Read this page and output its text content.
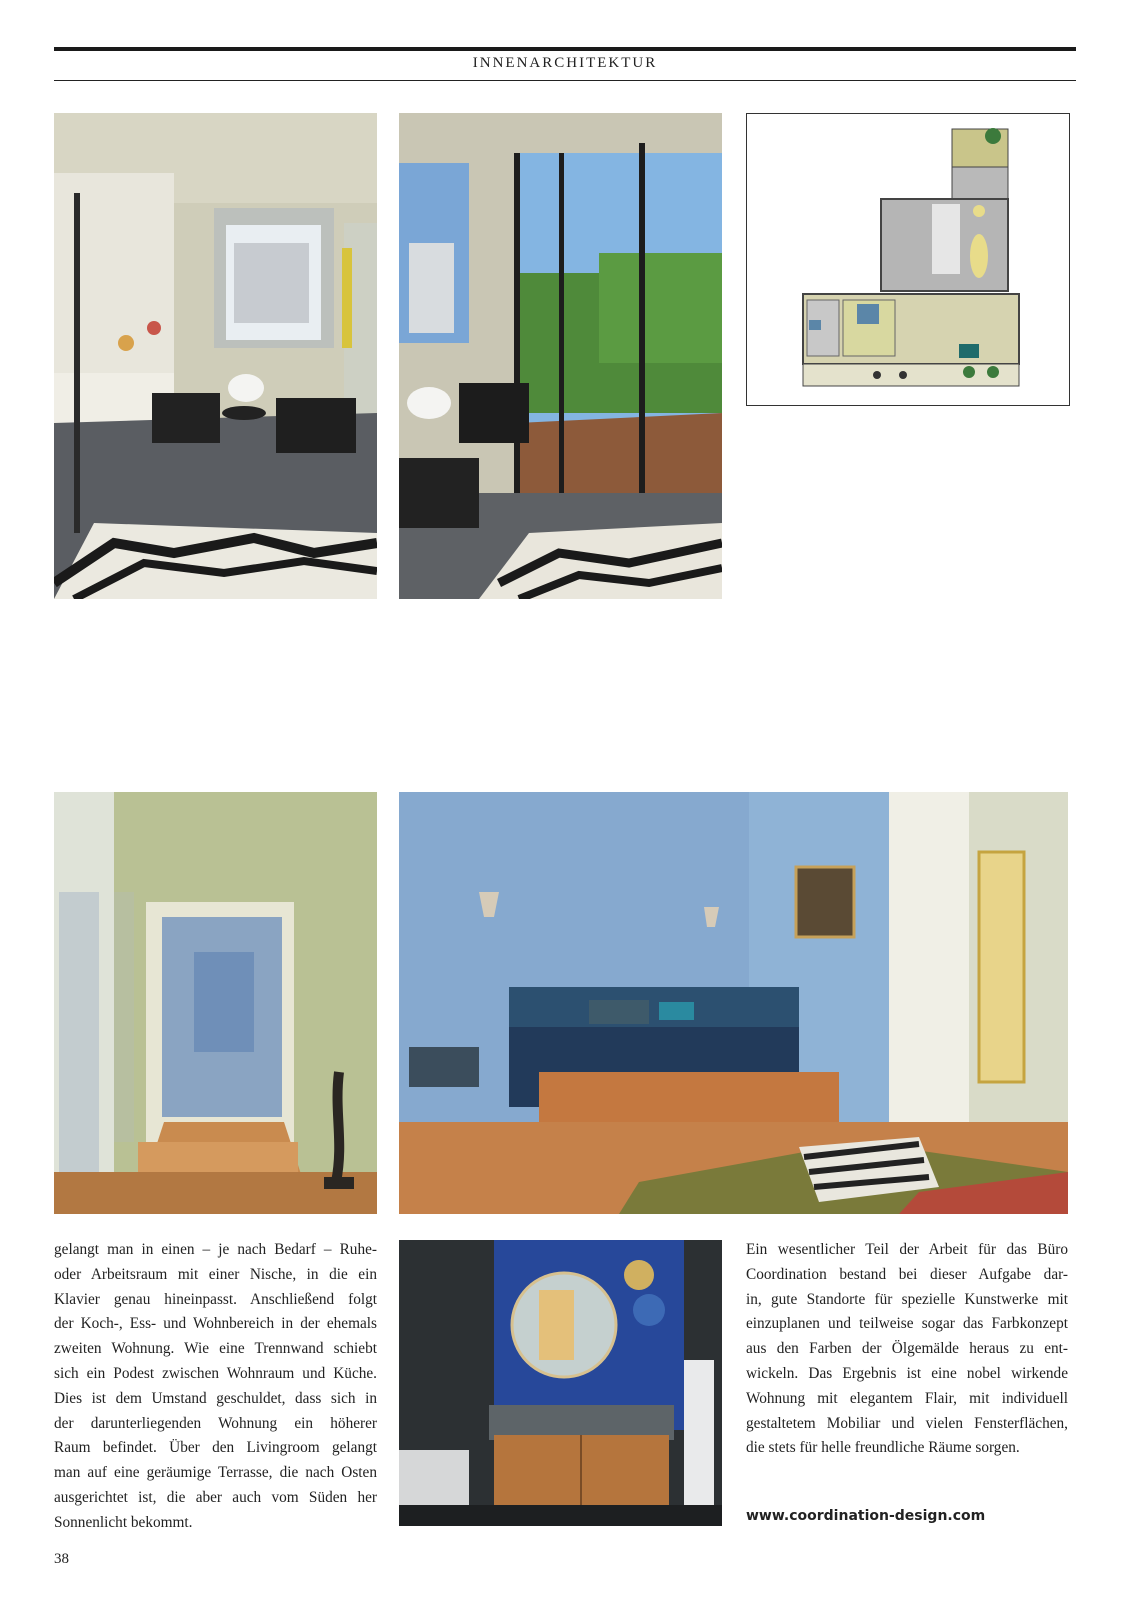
INNENARCHITEKTUR
gelangt man in einen – je nach Bedarf – Ruhe-
oder Arbeitsraum mit einer Nische, in die ein
Klavier genau hineinpasst. Anschließend folgt
der Koch-, Ess- und Wohnbereich in der ehemals
zweiten Wohnung. Wie eine Trennwand schiebt
sich ein Podest zwischen Wohnraum und Küche.
Dies ist dem Umstand geschuldet, dass sich in
der darunterliegenden Wohnung ein höherer
Raum befindet. Über den Livingroom gelangt
man auf eine geräumige Terrasse, die nach Osten
ausgerichtet ist, die aber auch vom Süden her
Sonnenlicht bekommt.
Ein wesentlicher Teil der Arbeit für das Büro
Coordination bestand bei dieser Aufgabe dar-
in, gute Standorte für spezielle Kunstwerke mit
einzuplanen und teilweise sogar das Farbkonzept
aus den Farben der Ölgemälde heraus zu ent-
wickeln. Das Ergebnis ist eine nobel wirkende
Wohnung mit elegantem Flair, mit individuell
gestaltetem Mobiliar und vielen Fensterflächen,
die stets für helle freundliche Räume sorgen.
www.coordination-design.com
38
